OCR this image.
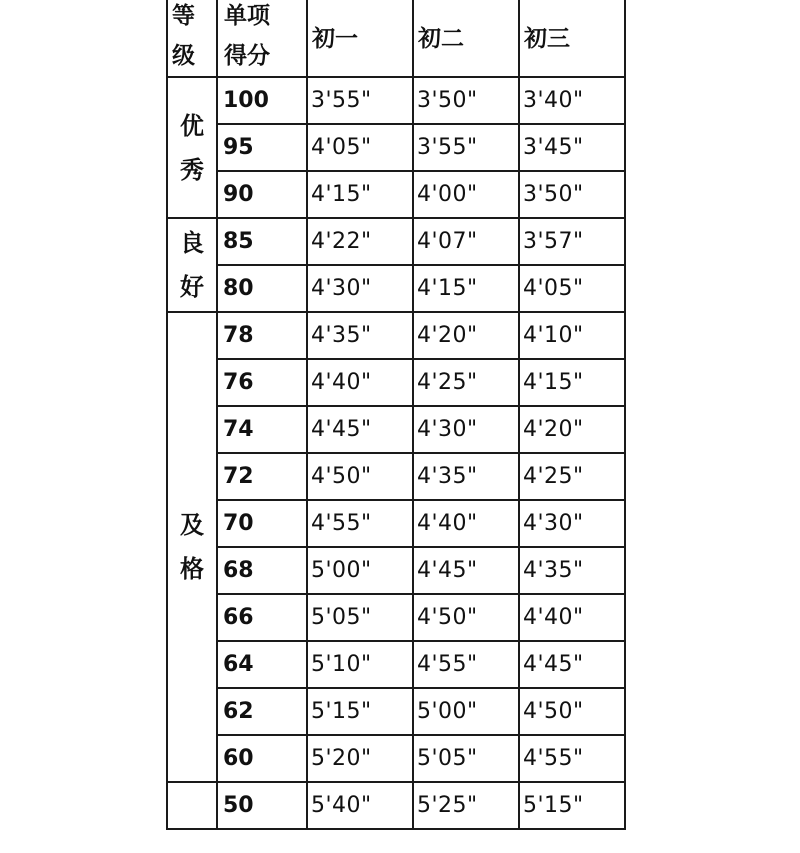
等
级	单项
得分	初一	初二	初三

优
秀	100	3'55"	3'50"	3'40"
	95	4'05"	3'55"	3'45"
	90	4'15"	4'00"	3'50"

良
好	85	4'22"	4'07"	3'57"
	80	4'30"	4'15"	4'05"

及
格	78	4'35"	4'20"	4'10"
	76	4'40"	4'25"	4'15"
	74	4'45"	4'30"	4'20"
	72	4'50"	4'35"	4'25"
	70	4'55"	4'40"	4'30"
	68	5'00"	4'45"	4'35"
	66	5'05"	4'50"	4'40"
	64	5'10"	4'55"	4'45"
	62	5'15"	5'00"	4'50"
	60	5'20"	5'05"	4'55"
	50	5'40"	5'25"	5'15"
